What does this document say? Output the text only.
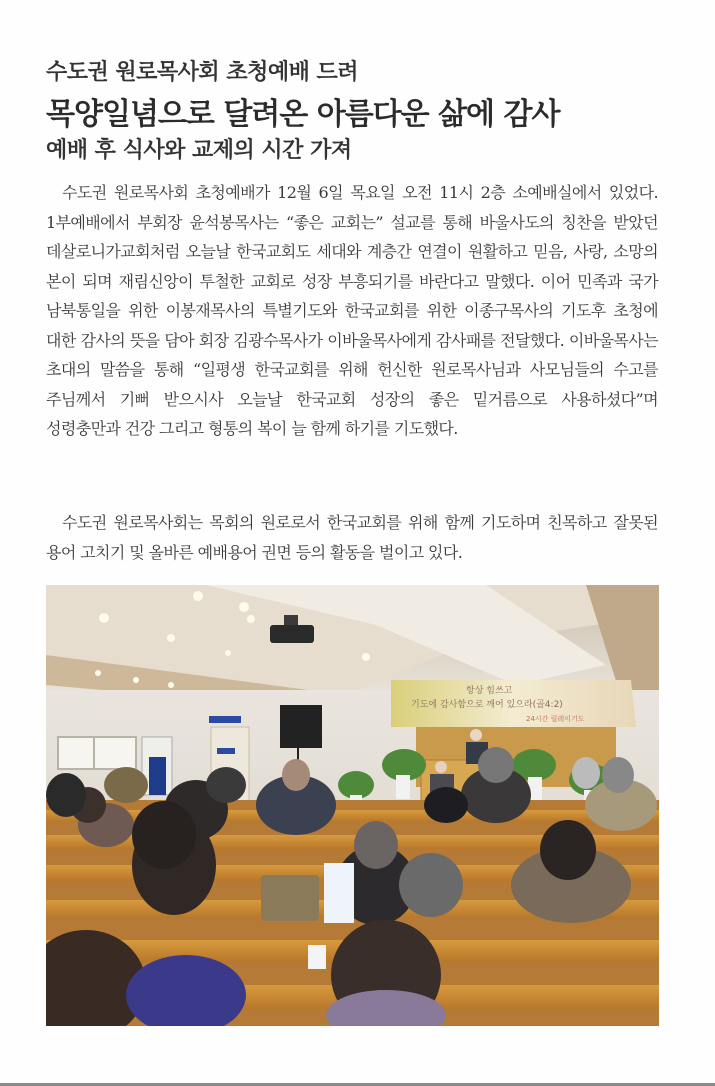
수도권 원로목사회 초청예배 드려
목양일념으로 달려온 아름다운 삶에 감사
예배 후 식사와 교제의 시간 가져

수도권 원로목사회 초청예배가 12월 6일 목요일 오전 11시 2층 소예배실에서 있었다. 1부예배에서 부회장 윤석봉목사는 “좋은 교회는” 설교를 통해 바울사도의 칭찬을 받았던 데살로니가교회처럼 오늘날 한국교회도 세대와 계층간 연결이 원활하고 믿음, 사랑, 소망의 본이 되며 재림신앙이 투철한 교회로 성장 부흥되기를 바란다고 말했다. 이어 민족과 국가 남북통일을 위한 이봉재목사의 특별기도와 한국교회를 위한 이종구목사의 기도후 초청에 대한 감사의 뜻을 담아 회장 김광수목사가 이바울목사에게 감사패를 전달했다. 이바울목사는 초대의 말씀을 통해 “일평생 한국교회를 위해 헌신한 원로목사님과 사모님들의 수고를 주님께서 기뻐 받으시사 오늘날 한국교회 성장의 좋은 밑거름으로 사용하셨다”며 성령충만과 건강 그리고 형통의 복이 늘 함께 하기를 기도했다.

수도권 원로목사회는 목회의 원로로서 한국교회를 위해 함께 기도하며 친목하고 잘못된 용어 고치기 및 올바른 예배용어 권면 등의 활동을 벌이고 있다.

항상 힘쓰고
기도에 감사함으로 깨어 있으라(골4:2)
24시간 릴레이기도
